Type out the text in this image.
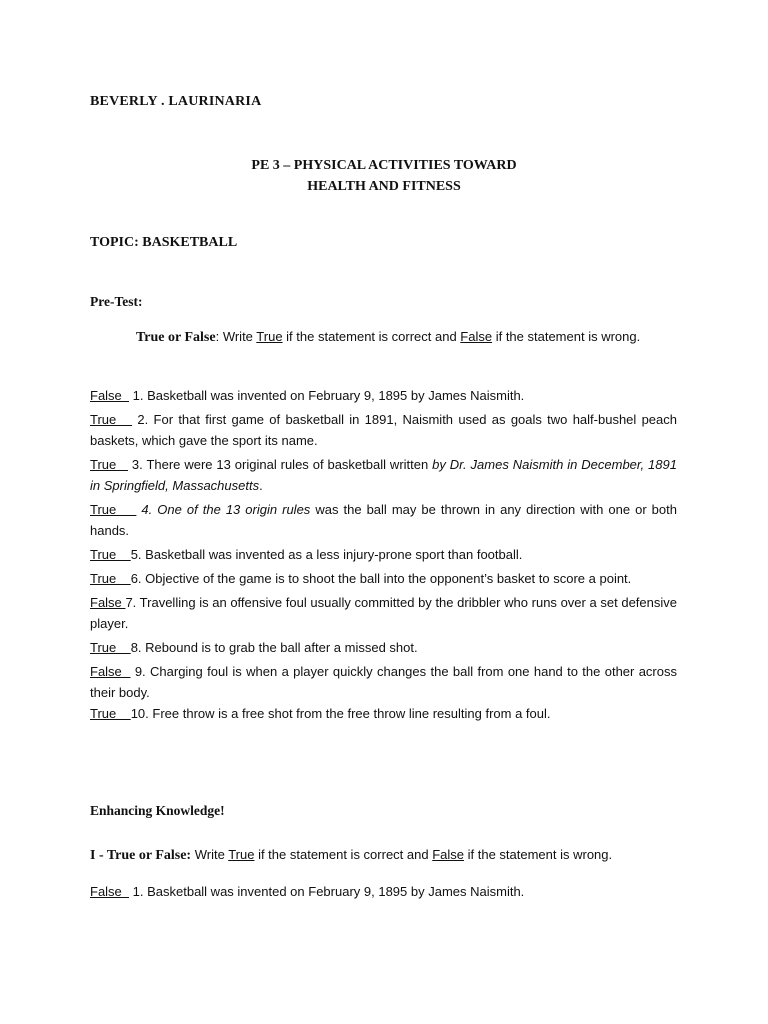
BEVERLY . LAURINARIA
PE 3 – PHYSICAL ACTIVITIES TOWARD
HEALTH AND FITNESS
TOPIC: BASKETBALL
Pre-Test:
True or False: Write True if the statement is correct and False if the statement is wrong.
False   1. Basketball was invented on February 9, 1895 by James Naismith.
True    2. For that first game of basketball in 1891, Naismith used as goals two half-bushel peach baskets, which gave the sport its name.
True    3. There were 13 original rules of basketball written by Dr. James Naismith in December, 1891 in Springfield, Massachusetts.
True     4. One of the 13 origin rules was the ball may be thrown in any direction with one or both hands.
True    5. Basketball was invented as a less injury-prone sport than football.
True    6. Objective of the game is to shoot the ball into the opponent’s basket to score a point.
False 7. Travelling is an offensive foul usually committed by the dribbler who runs over a set defensive player.
True    8. Rebound is to grab the ball after a missed shot.
False   9. Charging foul is when a player quickly changes the ball from one hand to the other across their body.
True    10. Free throw is a free shot from the free throw line resulting from a foul.
Enhancing Knowledge!
I - True or False: Write True if the statement is correct and False if the statement is wrong.
False   1. Basketball was invented on February 9, 1895 by James Naismith.
